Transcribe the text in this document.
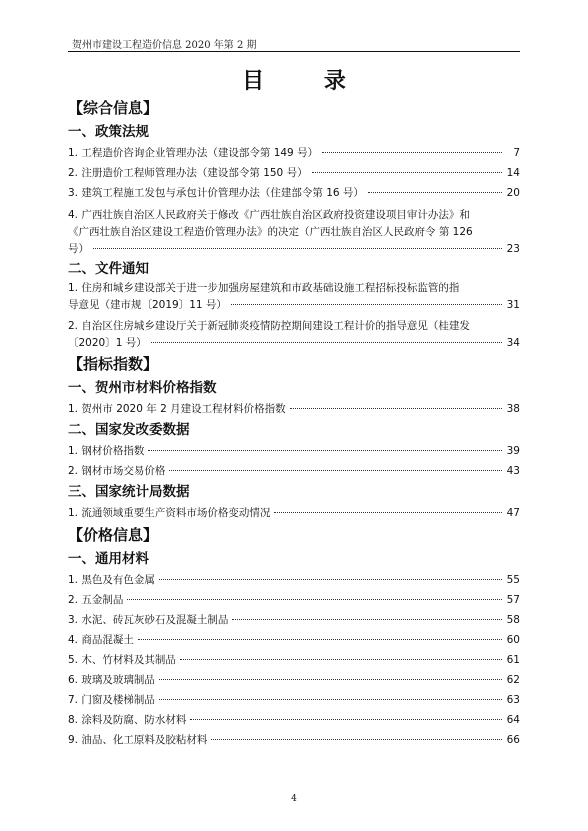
贺州市建设工程造价信息 2020 年第 2 期
目 录
【综合信息】
一、政策法规
1. 工程造价咨询企业管理办法（建设部令第 149 号）	7
2. 注册造价工程师管理办法（建设部令第 150 号）	14
3. 建筑工程施工发包与承包计价管理办法（住建部令第 16 号）	20
4. 广西壮族自治区人民政府关于修改《广西壮族自治区政府投资建设项目审计办法》和
《广西壮族自治区建设工程造价管理办法》的决定（广西壮族自治区人民政府令 第 126
号）	23
二、文件通知
1. 住房和城乡建设部关于进一步加强房屋建筑和市政基础设施工程招标投标监管的指
导意见（建市规〔2019〕11 号）	31
2. 自治区住房城乡建设厅关于新冠肺炎疫情防控期间建设工程计价的指导意见（桂建发
〔2020〕1 号）	34
【指标指数】
一、贺州市材料价格指数
1. 贺州市 2020 年 2 月建设工程材料价格指数	38
二、国家发改委数据
1. 钢材价格指数	39
2. 钢材市场交易价格	43
三、国家统计局数据
1. 流通领域重要生产资料市场价格变动情况	47
【价格信息】
一、通用材料
1. 黑色及有色金属	55
2. 五金制品	57
3. 水泥、砖瓦灰砂石及混凝土制品	58
4. 商品混凝土	60
5. 木、竹材料及其制品	61
6. 玻璃及玻璃制品	62
7. 门窗及楼梯制品	63
8. 涂料及防腐、防水材料	64
9. 油品、化工原料及胶粘材料	66
4
